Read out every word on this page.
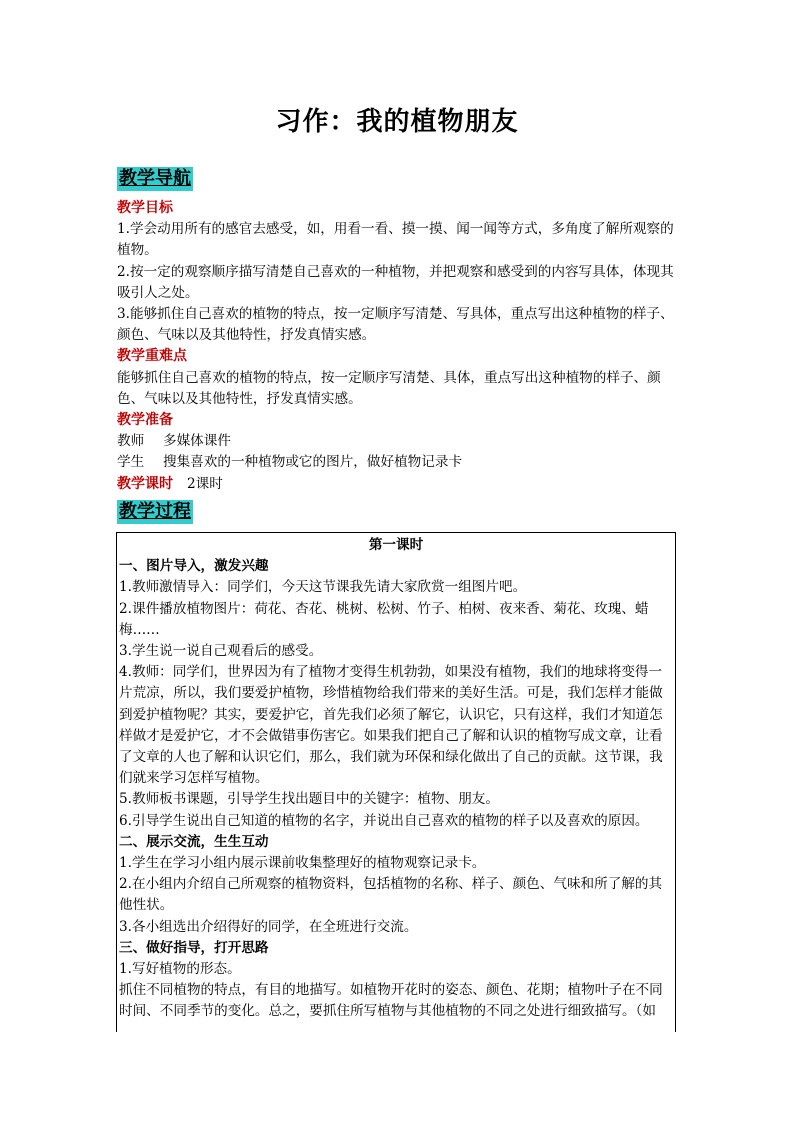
习作：我的植物朋友
教学导航

教学目标

1.学会动用所有的感官去感受，如，用看一看、摸一摸、闻一闻等方式，多角度了解所观察的植物。

2.按一定的观察顺序描写清楚自己喜欢的一种植物，并把观察和感受到的内容写具体，体现其吸引人之处。

3.能够抓住自己喜欢的植物的特点，按一定顺序写清楚、写具体，重点写出这种植物的样子、颜色、气味以及其他特性，抒发真情实感。

教学重难点

能够抓住自己喜欢的植物的特点，按一定顺序写清楚、具体，重点写出这种植物的样子、颜色、气味以及其他特性，抒发真情实感。

教学准备

教师 多媒体课件

学生 搜集喜欢的一种植物或它的图片，做好植物记录卡

教学课时 2课时

教学过程

第一课时

一、图片导入，激发兴趣

1.教师激情导入：同学们，今天这节课我先请大家欣赏一组图片吧。

2.课件播放植物图片：荷花、杏花、桃树、松树、竹子、柏树、夜来香、菊花、玫瑰、蜡梅……

3.学生说一说自己观看后的感受。

4.教师：同学们，世界因为有了植物才变得生机勃勃，如果没有植物，我们的地球将变得一片荒凉，所以，我们要爱护植物，珍惜植物给我们带来的美好生活。可是，我们怎样才能做到爱护植物呢？其实，要爱护它，首先我们必须了解它，认识它，只有这样，我们才知道怎样做才是爱护它，才不会做错事伤害它。如果我们把自己了解和认识的植物写成文章，让看了文章的人也了解和认识它们，那么，我们就为环保和绿化做出了自己的贡献。这节课，我们就来学习怎样写植物。

5.教师板书课题，引导学生找出题目中的关键字：植物、朋友。

6.引导学生说出自己知道的植物的名字，并说出自己喜欢的植物的样子以及喜欢的原因。

二、展示交流，生生互动

1.学生在学习小组内展示课前收集整理好的植物观察记录卡。

2.在小组内介绍自己所观察的植物资料，包括植物的名称、样子、颜色、气味和所了解的其他性状。

3.各小组选出介绍得好的同学，在全班进行交流。

三、做好指导，打开思路

1.写好植物的形态。

抓住不同植物的特点，有目的地描写。如植物开花时的姿态、颜色、花期；植物叶子在不同时间、不同季节的变化。总之，要抓住所写植物与其他植物的不同之处进行细致描写。（如
